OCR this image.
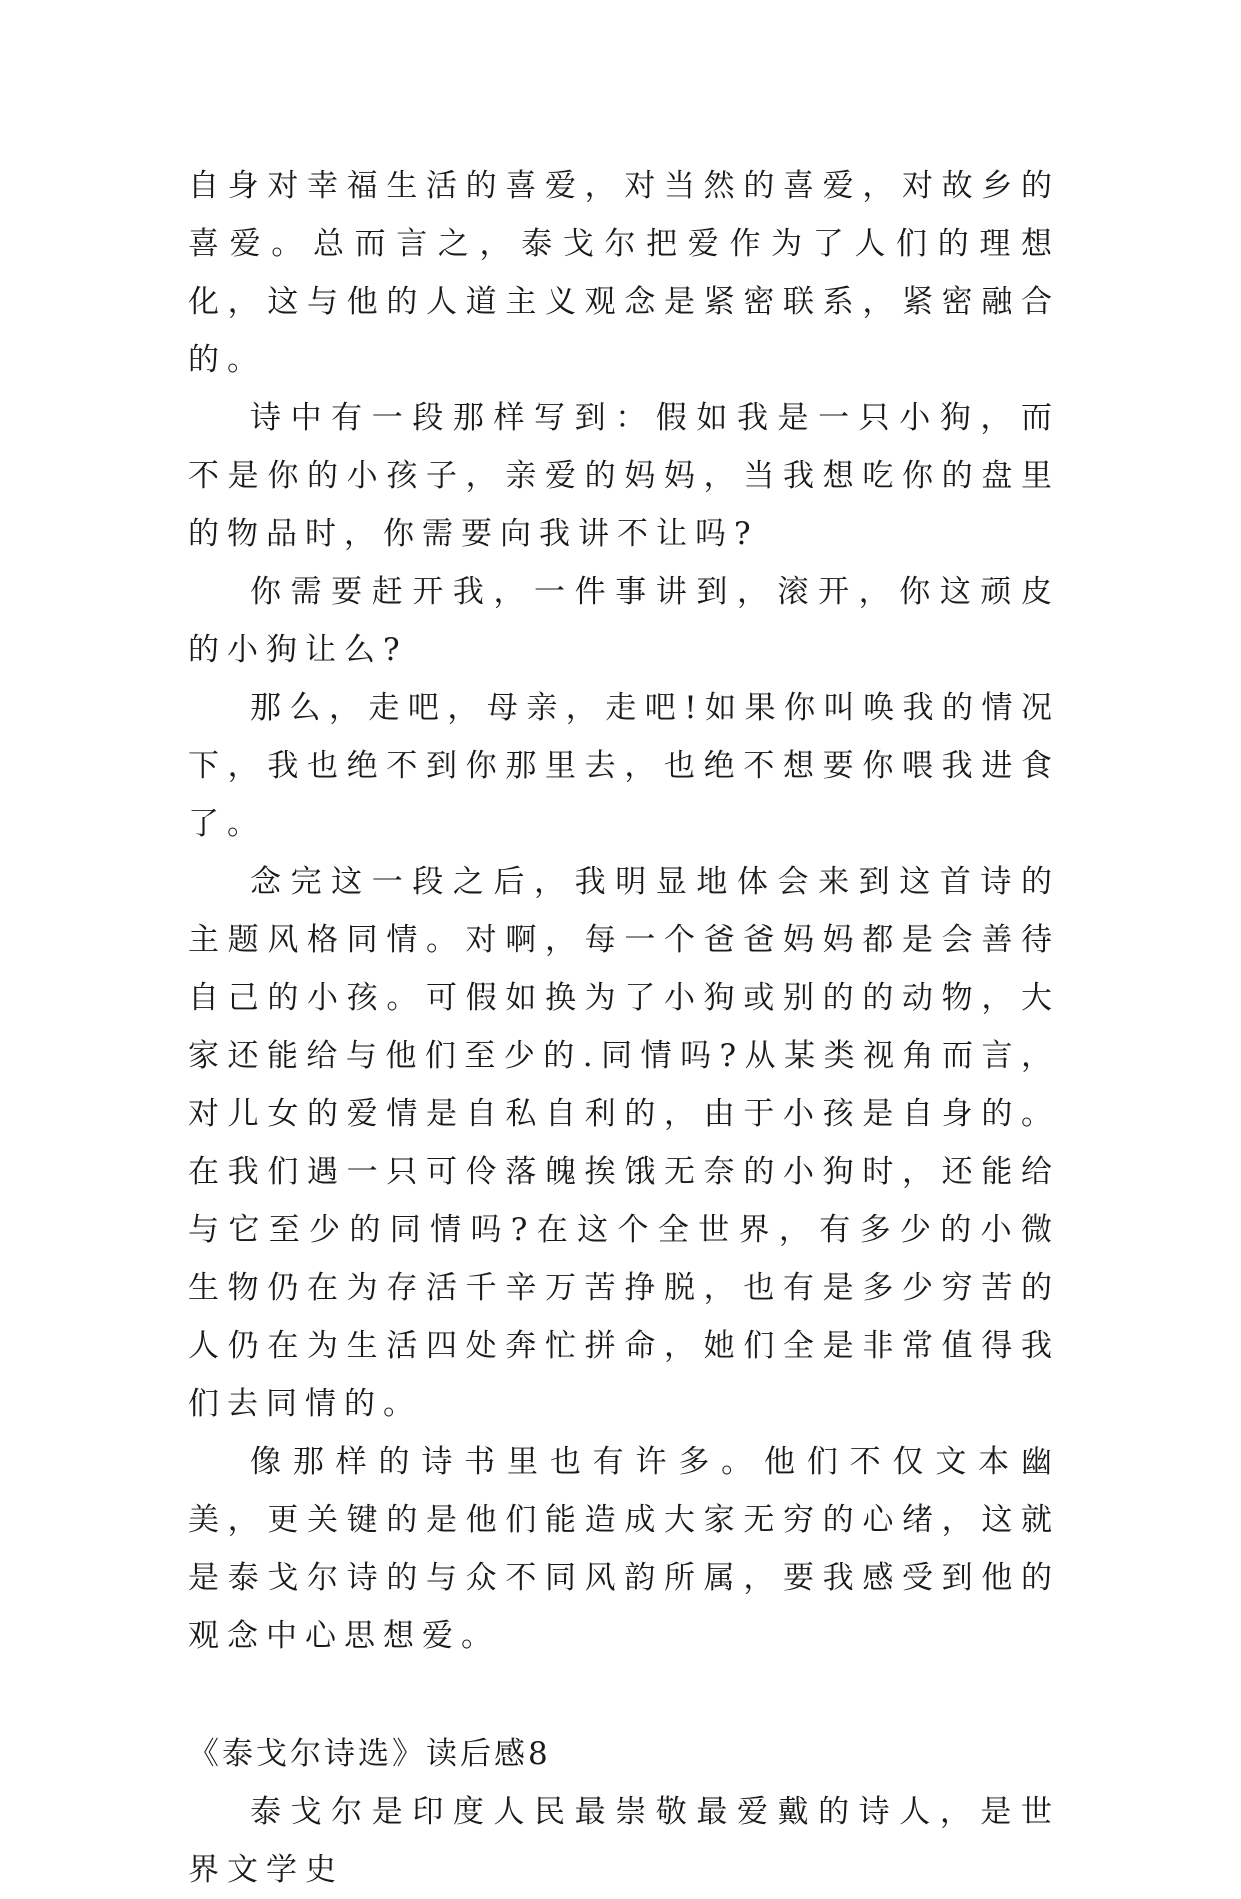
自身对幸福生活的喜爱，对当然的喜爱，对故乡的喜爱。总而言之，泰戈尔把爱作为了人们的理想化，这与他的人道主义观念是紧密联系，紧密融合的。

诗中有一段那样写到：假如我是一只小狗，而不是你的小孩子，亲爱的妈妈，当我想吃你的盘里的物品时，你需要向我讲不让吗?

你需要赶开我，一件事讲到，滚开，你这顽皮的小狗让么?

那么，走吧，母亲，走吧!如果你叫唤我的情况下，我也绝不到你那里去，也绝不想要你喂我进食了。

念完这一段之后，我明显地体会来到这首诗的主题风格同情。对啊，每一个爸爸妈妈都是会善待自己的小孩。可假如换为了小狗或别的的动物，大家还能给与他们至少的.同情吗?从某类视角而言，对儿女的爱情是自私自利的，由于小孩是自身的。在我们遇一只可伶落魄挨饿无奈的小狗时，还能给与它至少的同情吗?在这个全世界，有多少的小微生物仍在为存活千辛万苦挣脱，也有是多少穷苦的人仍在为生活四处奔忙拼命，她们全是非常值得我们去同情的。

像那样的诗书里也有许多。他们不仅文本幽美，更关键的是他们能造成大家无穷的心绪，这就是泰戈尔诗的与众不同风韵所属，要我感受到他的观念中心思想爱。

《泰戈尔诗选》读后感8

泰戈尔是印度人民最崇敬最爱戴的诗人，是世界文学史
